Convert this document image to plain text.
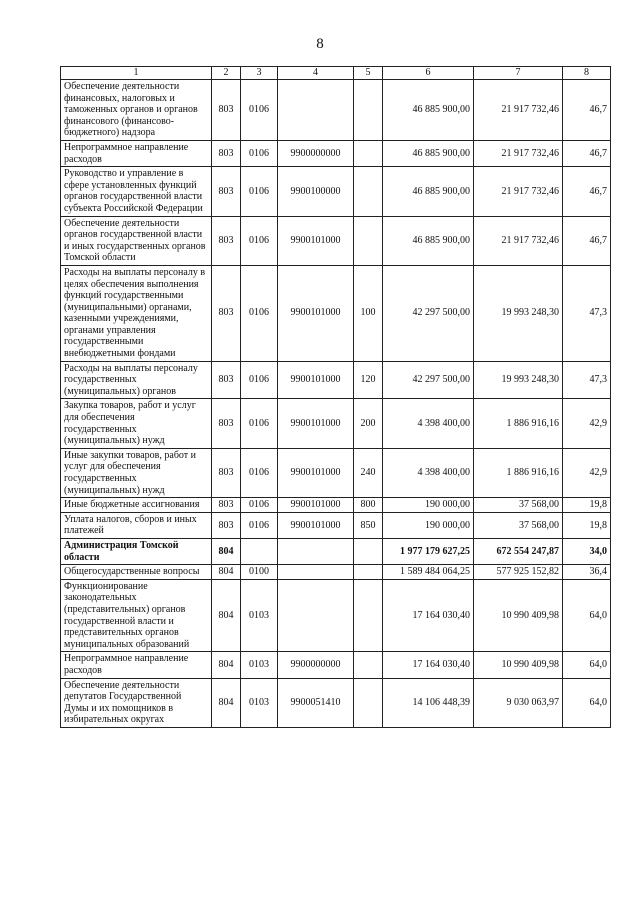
8
1	2	3	4	5	6	7	8
Обеспечение деятельности финансовых, налоговых и таможенных органов и органов финансового (финансово-бюджетного) надзора	803	0106			46 885 900,00	21 917 732,46	46,7
Непрограммное направление расходов	803	0106	9900000000		46 885 900,00	21 917 732,46	46,7
Руководство и управление в сфере установленных функций органов государственной власти субъекта Российской Федерации	803	0106	9900100000		46 885 900,00	21 917 732,46	46,7
Обеспечение деятельности органов государственной власти и иных государственных органов Томской области	803	0106	9900101000		46 885 900,00	21 917 732,46	46,7
Расходы на выплаты персоналу в целях обеспечения выполнения функций государственными (муниципальными) органами, казенными учреждениями, органами управления государственными внебюджетными фондами	803	0106	9900101000	100	42 297 500,00	19 993 248,30	47,3
Расходы на выплаты персоналу государственных (муниципальных) органов	803	0106	9900101000	120	42 297 500,00	19 993 248,30	47,3
Закупка товаров, работ и услуг для обеспечения государственных (муниципальных) нужд	803	0106	9900101000	200	4 398 400,00	1 886 916,16	42,9
Иные закупки товаров, работ и услуг для обеспечения государственных (муниципальных) нужд	803	0106	9900101000	240	4 398 400,00	1 886 916,16	42,9
Иные бюджетные ассигнования	803	0106	9900101000	800	190 000,00	37 568,00	19,8
Уплата налогов, сборов и иных платежей	803	0106	9900101000	850	190 000,00	37 568,00	19,8
Администрация Томской области	804				1 977 179 627,25	672 554 247,87	34,0
Общегосударственные вопросы	804	0100			1 589 484 064,25	577 925 152,82	36,4
Функционирование законодательных (представительных) органов государственной власти и представительных органов муниципальных образований	804	0103			17 164 030,40	10 990 409,98	64,0
Непрограммное направление расходов	804	0103	9900000000		17 164 030,40	10 990 409,98	64,0
Обеспечение деятельности депутатов Государственной Думы и их помощников в избирательных округах	804	0103	9900051410		14 106 448,39	9 030 063,97	64,0
